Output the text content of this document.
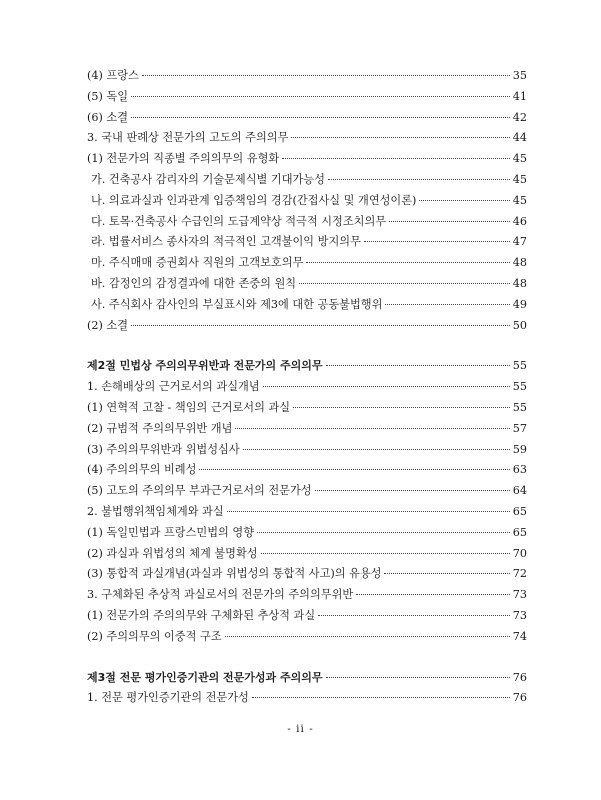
(4) 프랑스	35
(5) 독일	41
(6) 소결	42
3. 국내 판례상 전문가의 고도의 주의의무	44
(1) 전문가의 직종별 주의의무의 유형화	45
가. 건축공사 감리자의 기술문제식별 기대가능성	45
나. 의료과실과 인과관계 입증책임의 경감(간접사실 및 개연성이론)	45
다. 토목·건축공사 수급인의 도급계약상 적극적 시정조치의무	46
라. 법률서비스 종사자의 적극적인 고객불이익 방지의무	47
마. 주식매매 증권회사 직원의 고객보호의무	48
바. 감정인의 감정결과에 대한 존중의 원칙	48
사. 주식회사 감사인의 부실표시와 제3에 대한 공동불법행위	49
(2) 소결	50
제2절 민법상 주의의무위반과 전문가의 주의의무	55
1. 손해배상의 근거로서의 과실개념	55
(1) 연혁적 고찰 - 책임의 근거로서의 과실	55
(2) 규범적 주의의무위반 개념	57
(3) 주의의무위반과 위법성심사	59
(4) 주의의무의 비례성	63
(5) 고도의 주의의무 부과근거로서의 전문가성	64
2. 불법행위책임체계와 과실	65
(1) 독일민법과 프랑스민법의 영향	65
(2) 과실과 위법성의 체계 불명확성	70
(3) 통합적 과실개념(과실과 위법성의 통합적 사고)의 유용성	72
3. 구체화된 추상적 과실로서의 전문가의 주의의무위반	73
(1) 전문가의 주의의무와 구체화된 추상적 과실	73
(2) 주의의무의 이중적 구조	74
제3절 전문 평가인증기관의 전문가성과 주의의무	76
1. 전문 평가인증기관의 전문가성	76
- ii -
